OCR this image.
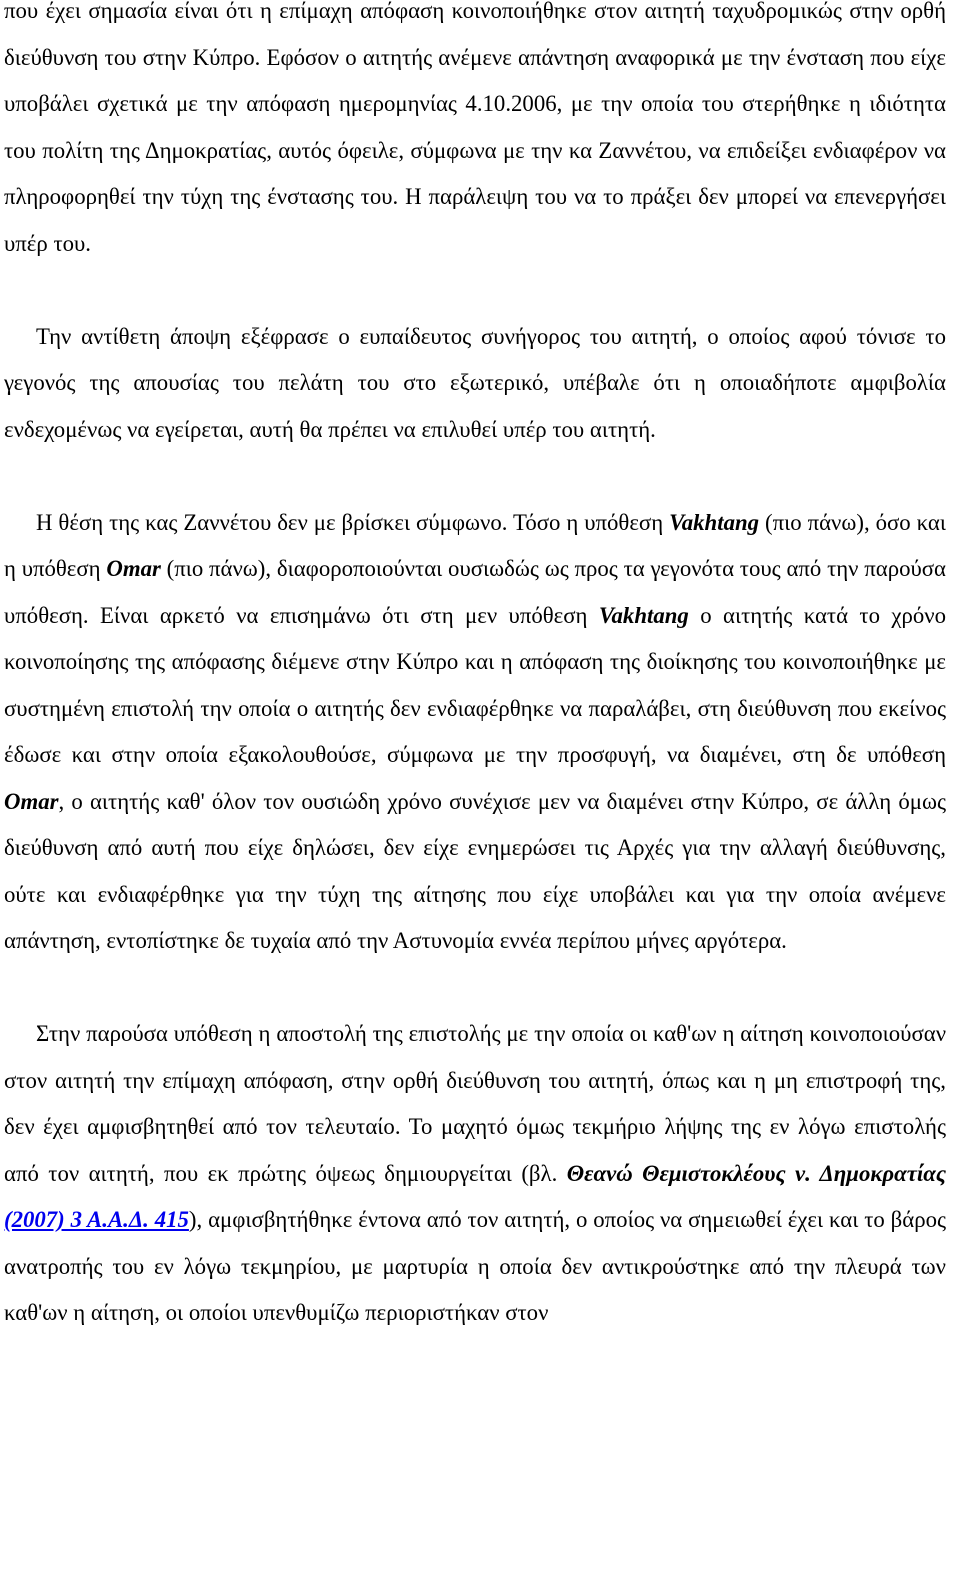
που έχει σημασία είναι ότι η επίμαχη απόφαση κοινοποιήθηκε στον αιτητή ταχυδρομικώς στην ορθή διεύθυνση του στην Κύπρο. Εφόσον ο αιτητής ανέμενε απάντηση αναφορικά με την ένσταση που είχε υποβάλει σχετικά με την απόφαση ημερομηνίας 4.10.2006, με την οποία του στερήθηκε η ιδιότητα του πολίτη της Δημοκρατίας, αυτός όφειλε, σύμφωνα με την κα Ζαννέτου, να επιδείξει ενδιαφέρον να πληροφορηθεί την τύχη της ένστασης του. Η παράλειψη του να το πράξει δεν μπορεί να επενεργήσει υπέρ του.

Την αντίθετη άποψη εξέφρασε ο ευπαίδευτος συνήγορος του αιτητή, ο οποίος αφού τόνισε το γεγονός της απουσίας του πελάτη του στο εξωτερικό, υπέβαλε ότι η οποιαδήποτε αμφιβολία ενδεχομένως να εγείρεται, αυτή θα πρέπει να επιλυθεί υπέρ του αιτητή.

Η θέση της κας Ζαννέτου δεν με βρίσκει σύμφωνο. Τόσο η υπόθεση Vakhtang (πιο πάνω), όσο και η υπόθεση Omar (πιο πάνω), διαφοροποιούνται ουσιωδώς ως προς τα γεγονότα τους από την παρούσα υπόθεση. Είναι αρκετό να επισημάνω ότι στη μεν υπόθεση Vakhtang ο αιτητής κατά το χρόνο κοινοποίησης της απόφασης διέμενε στην Κύπρο και η απόφαση της διοίκησης του κοινοποιήθηκε με συστημένη επιστολή την οποία ο αιτητής δεν ενδιαφέρθηκε να παραλάβει, στη διεύθυνση που εκείνος έδωσε και στην οποία εξακολουθούσε, σύμφωνα με την προσφυγή, να διαμένει, στη δε υπόθεση Omar, ο αιτητής καθ' όλον τον ουσιώδη χρόνο συνέχισε μεν να διαμένει στην Κύπρο, σε άλλη όμως διεύθυνση από αυτή που είχε δηλώσει, δεν είχε ενημερώσει τις Αρχές για την αλλαγή διεύθυνσης, ούτε και ενδιαφέρθηκε για την τύχη της αίτησης που είχε υποβάλει και για την οποία ανέμενε απάντηση, εντοπίστηκε δε τυχαία από την Αστυνομία εννέα περίπου μήνες αργότερα.

Στην παρούσα υπόθεση η αποστολή της επιστολής με την οποία οι καθ'ων η αίτηση κοινοποιούσαν στον αιτητή την επίμαχη απόφαση, στην ορθή διεύθυνση του αιτητή, όπως και η μη επιστροφή της, δεν έχει αμφισβητηθεί από τον τελευταίο. Το μαχητό όμως τεκμήριο λήψης της εν λόγω επιστολής από τον αιτητή, που εκ πρώτης όψεως δημιουργείται (βλ. Θεανώ Θεμιστοκλέους ν. Δημοκρατίας (2007) 3 Α.Α.Δ. 415), αμφισβητήθηκε έντονα από τον αιτητή, ο οποίος να σημειωθεί έχει και το βάρος ανατροπής του εν λόγω τεκμηρίου, με μαρτυρία η οποία δεν αντικρούστηκε από την πλευρά των καθ'ων η αίτηση, οι οποίοι υπενθυμίζω περιοριστήκαν στον
